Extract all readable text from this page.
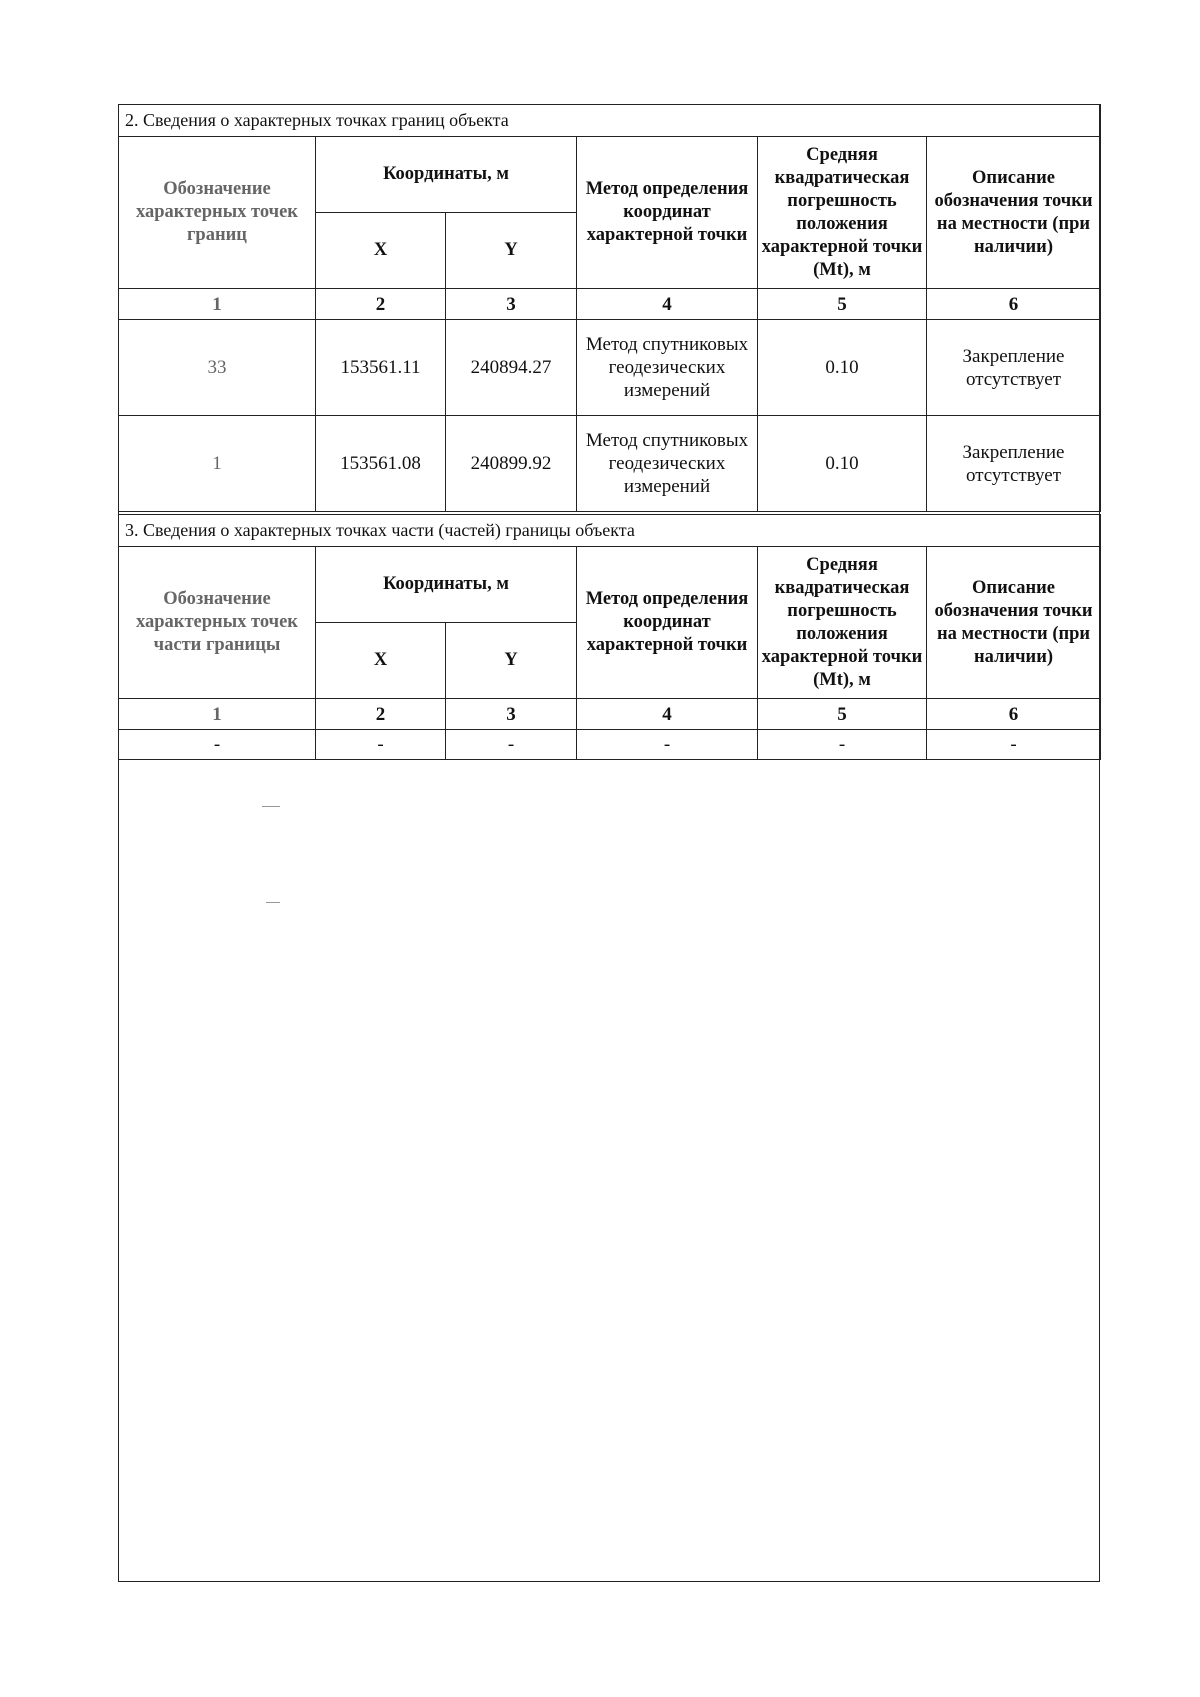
2. Сведения о характерных точках границ объекта					
Обозначение характерных точек границ	Координаты, м		Метод определения координат характерной точки	Средняя квадратическая погрешность положения характерной точки (Mt), м	Описание обозначения точки на местности (при наличии)
	X	Y			
1	2	3	4	5	6
33	153561.11	240894.27	Метод спутниковых геодезических измерений	0.10	Закрепление отсутствует
1	153561.08	240899.92	Метод спутниковых геодезических измерений	0.10	Закрепление отсутствует
3. Сведения о характерных точках части (частей) границы объекта					
Обозначение характерных точек части границы	Координаты, м		Метод определения координат характерной точки	Средняя квадратическая погрешность положения характерной точки (Mt), м	Описание обозначения точки на местности (при наличии)
	X	Y			
1	2	3	4	5	6
-	-	-	-	-	-
